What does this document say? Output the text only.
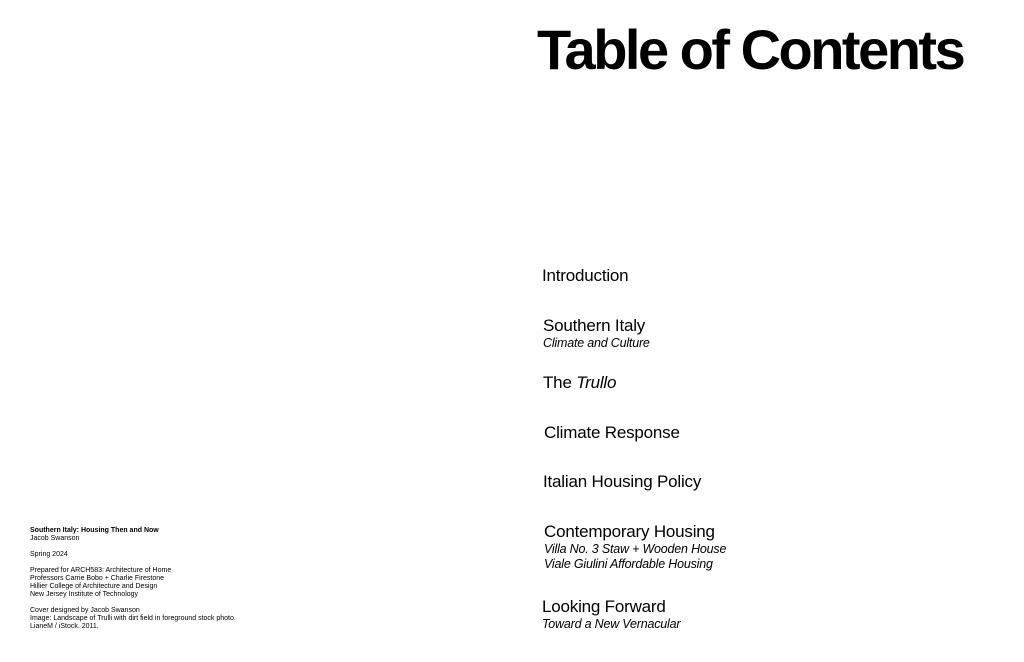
Table of Contents
Introduction
Southern Italy
Climate and Culture
The Trullo
Climate Response
Italian Housing Policy
Contemporary Housing
Villa No. 3 Staw + Wooden House
Viale Giulini Affordable Housing
Looking Forward
Toward a New Vernacular
Southern Italy: Housing Then and Now
Jacob Swanson
Spring 2024
Prepared for ARCH583: Architecture of Home
Professors Carrie Bobo + Charlie Firestone
Hillier College of Architecture and Design
New Jersey Institute of Technology
Cover designed by Jacob Swanson
Image: Landscape of Trulli with dirt field in foreground stock photo.
LianeM / iStock. 2011.
